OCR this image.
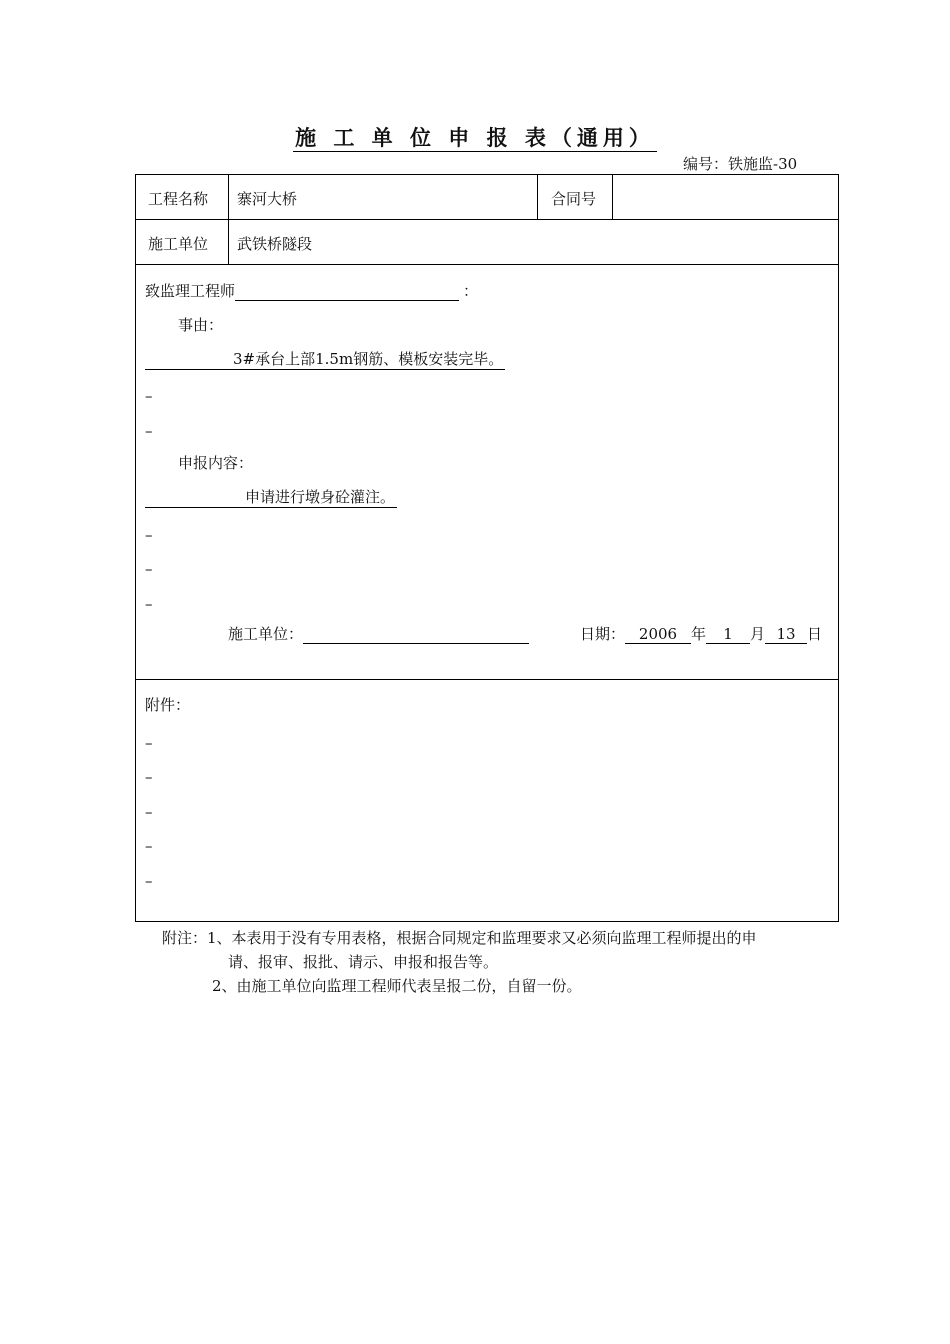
施 工 单 位 申 报 表（通用）
编号：铁施监-30
工程名称 寨河大桥	合同号
施工单位 武铁桥隧段
致监理工程师	：
事由：
3#承台上部1.5m钢筋、模板安装完毕。
–
–
申报内容：
申请进行墩身砼灌注。
–
–
–
施工单位：	日期： 2006 年 1 月 13 日
附件：
–
–
–
–
–
附注：1、本表用于没有专用表格，根据合同规定和监理要求又必须向监理工程师提出的申
请、报审、报批、请示、申报和报告等。
2、由施工单位向监理工程师代表呈报二份，自留一份。
